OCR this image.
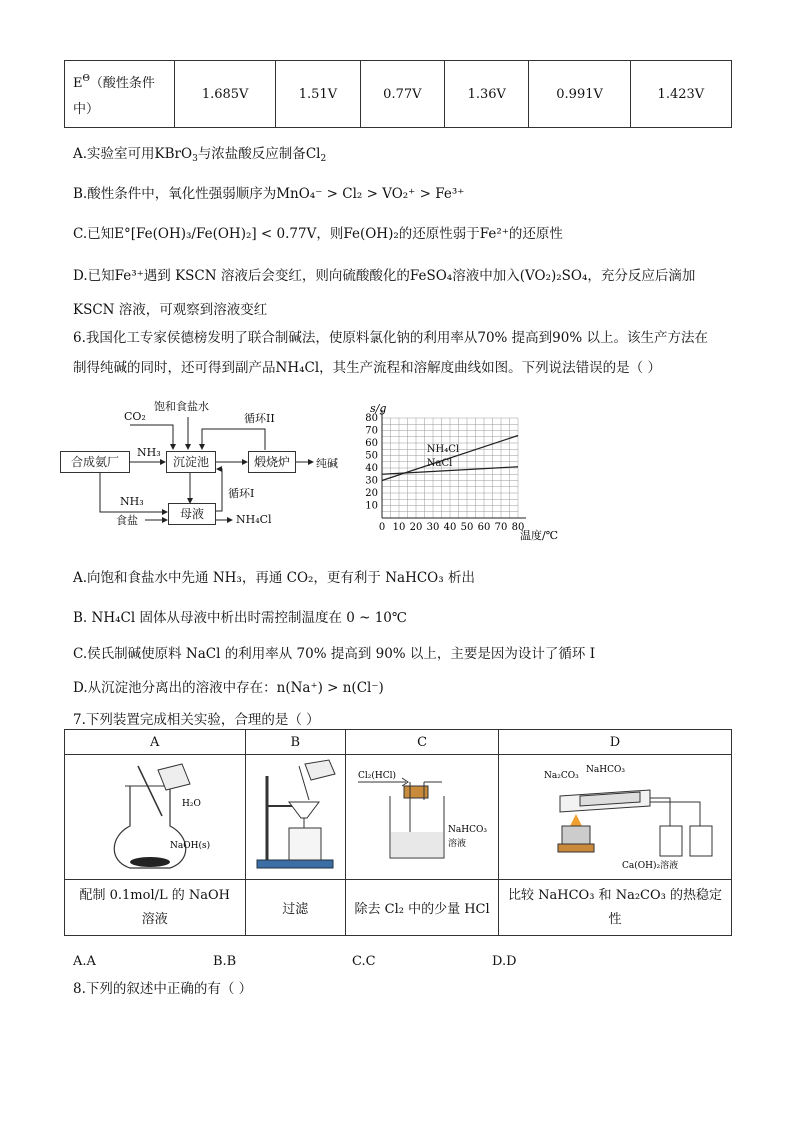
$E^\Theta$（酸性条件
中）	1.685V	1.51V	0.77V	1.36V	0.991V	1.423V
A.实验室可用KBrO$_3$与浓盐酸反应制备$Cl_2$
B.酸性条件中，氧化性强弱顺序为MnO₄⁻ > Cl₂ > VO₂⁺ > Fe³⁺
C.已知E°[Fe(OH)₃/Fe(OH)₂] < 0.77V，则Fe(OH)₂的还原性弱于Fe²⁺的还原性
D.已知Fe³⁺遇到 KSCN 溶液后会变红，则向硫酸酸化的FeSO₄溶液中加入(VO₂)₂SO₄，充分反应后滴加
KSCN 溶液，可观察到溶液变红
6.我国化工专家侯德榜发明了联合制碱法，使原料氯化钠的利用率从70% 提高到90% 以上。该生产方法在
制得纯碱的同时，还可得到副产品NH₄Cl，其生产流程和溶解度曲线如图。下列说法错误的是（ ）
合成氨厂	沉淀池	煅烧炉
母液
CO₂
饱和食盐水
循环II
NH₃
NH₃
食盐
循环I
纯碱
NH₄Cl
s/g
温度/℃
0 10 20 30 40 50 60 70 80
10
20
30
40
50
60
70
80
NH₄Cl
NaCl
A.向饱和食盐水中先通 NH₃，再通 CO₂，更有利于 NaHCO₃ 析出
B. NH₄Cl 固体从母液中析出时需控制温度在 0 ~ 10℃
C.侯氏制碱使原料 NaCl 的利用率从 70% 提高到 90% 以上，主要是因为设计了循环 I
D.从沉淀池分离出的溶液中存在：n(Na⁺) > n(Cl⁻)
7.下列装置完成相关实验，合理的是（ ）
A	B	C	D

H₂O
NaOH(s)		Cl₂(HCl)
NaHCO₃
溶液	Na₂CO₃
NaHCO₃
Ca(OH)₂溶液

配制 0.1mol/L 的 NaOH 溶液	过滤	除去 Cl₂ 中的少量 HCl	比较 NaHCO₃ 和 Na₂CO₃ 的热稳定性
A.A	B.B	C.C	D.D
8.下列的叙述中正确的有（ ）
